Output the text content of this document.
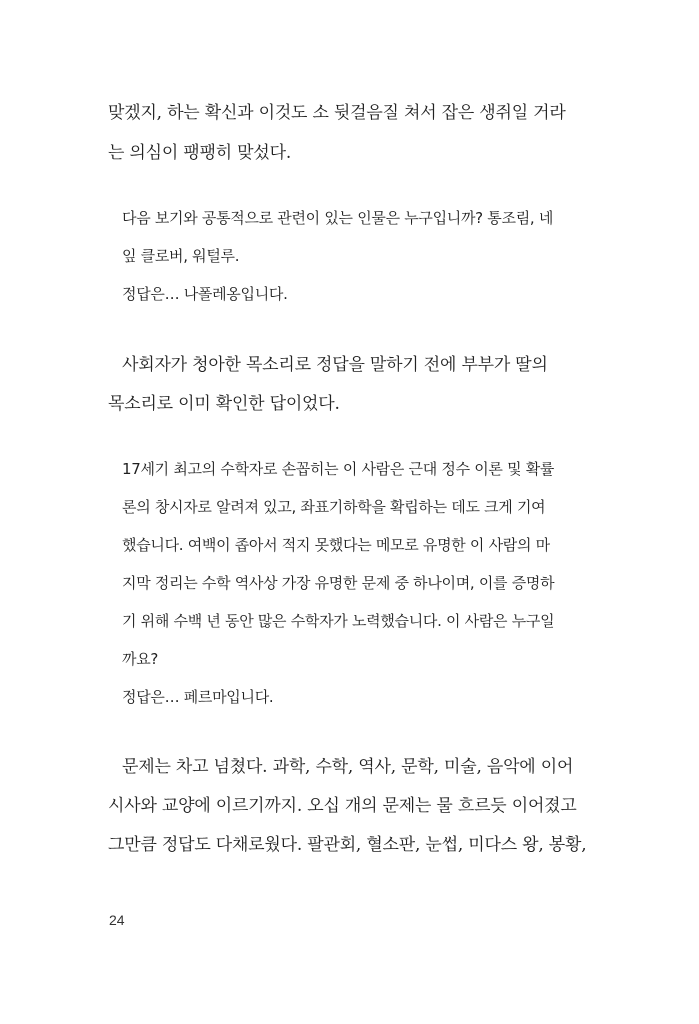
맞겠지, 하는 확신과 이것도 소 뒷걸음질 쳐서 잡은 생쥐일 거라

는 의심이 팽팽히 맞섰다.

다음 보기와 공통적으로 관련이 있는 인물은 누구입니까? 통조림, 네

잎 클로버, 워털루.

정답은… 나폴레옹입니다.

사회자가 청아한 목소리로 정답을 말하기 전에 부부가 딸의

목소리로 이미 확인한 답이었다.

17세기 최고의 수학자로 손꼽히는 이 사람은 근대 정수 이론 및 확률

론의 창시자로 알려져 있고, 좌표기하학을 확립하는 데도 크게 기여

했습니다. 여백이 좁아서 적지 못했다는 메모로 유명한 이 사람의 마

지막 정리는 수학 역사상 가장 유명한 문제 중 하나이며, 이를 증명하

기 위해 수백 년 동안 많은 수학자가 노력했습니다. 이 사람은 누구일

까요?

정답은… 페르마입니다.

문제는 차고 넘쳤다. 과학, 수학, 역사, 문학, 미술, 음악에 이어

시사와 교양에 이르기까지. 오십 개의 문제는 물 흐르듯 이어졌고

그만큼 정답도 다채로웠다. 팔관회, 혈소판, 눈썹, 미다스 왕, 봉황,

24
